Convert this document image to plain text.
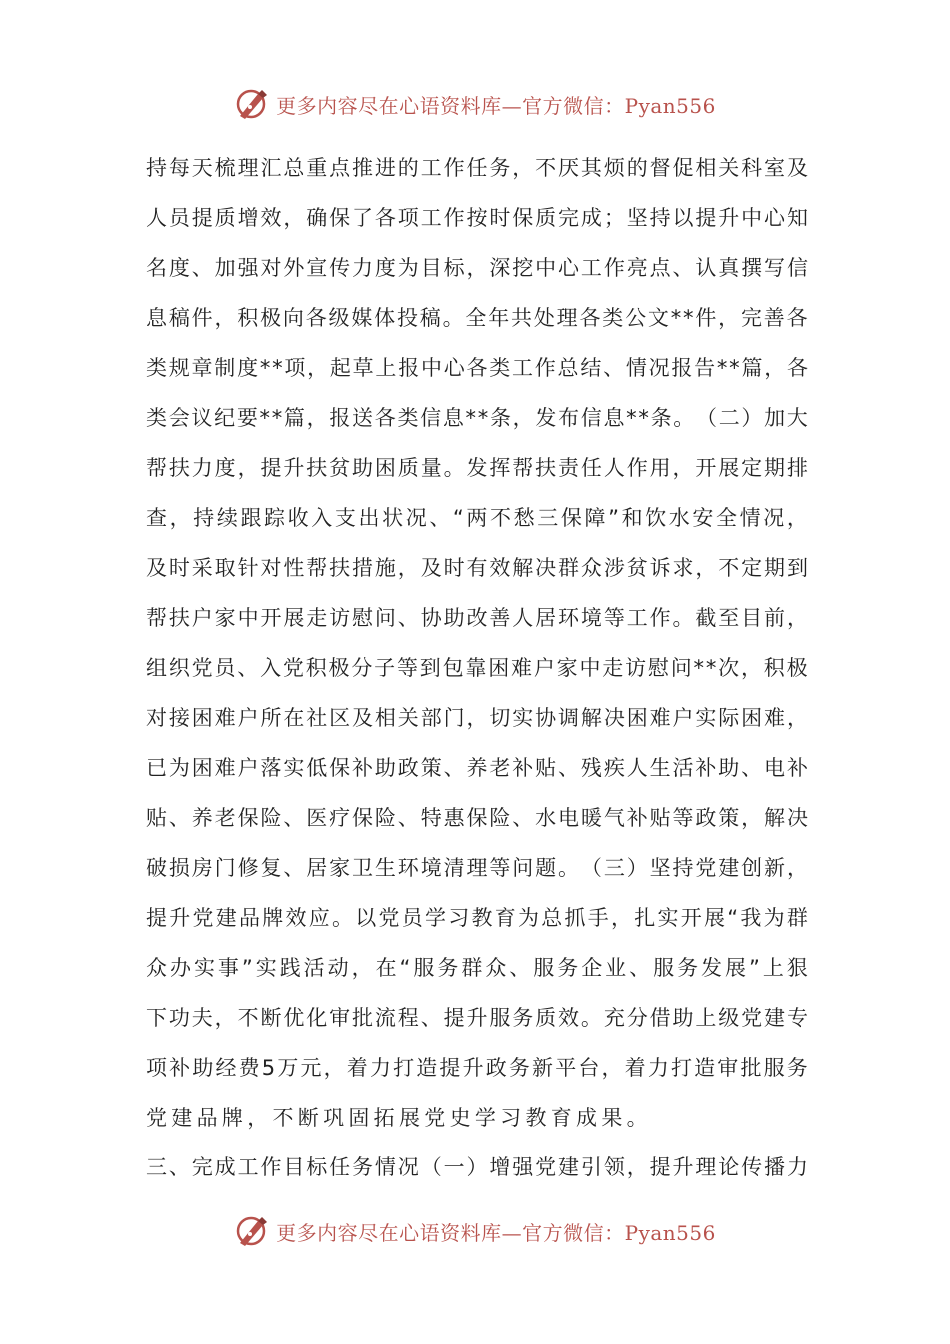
更多内容尽在心语资料库—官方微信：Pyan556
持 每 天 梳 理 汇 总 重 点 推 进 的 工 作 任 务 ， 不 厌 其 烦 的 督 促 相 关 科 室 及
人 员 提 质 增 效 ， 确 保 了 各 项 工 作 按 时 保 质 完 成 ； 坚 持 以 提 升 中 心 知
名 度 、 加 强 对 外 宣 传 力 度 为 目 标 ， 深 挖 中 心 工 作 亮 点 、 认 真 撰 写 信
息 稿 件 ， 积 极 向 各 级 媒 体 投 稿 。 全 年 共 处 理 各 类 公 文 * * 件 ， 完 善 各
类 规 章 制 度 * * 项 ， 起 草 上 报 中 心 各 类 工 作 总 结 、 情 况 报 告 * * 篇 ， 各
类 会 议 纪 要 * * 篇 ， 报 送 各 类 信 息 * * 条 ， 发 布 信 息 * * 条 。 （ 二 ） 加 大
帮 扶 力 度 ， 提 升 扶 贫 助 困 质 量 。 发 挥 帮 扶 责 任 人 作 用 ， 开 展 定 期 排
查 ， 持 续 跟 踪 收 入 支 出 状 况 、 “ 两 不 愁 三 保 障 ” 和 饮 水 安 全 情 况 ，
及 时 采 取 针 对 性 帮 扶 措 施 ， 及 时 有 效 解 决 群 众 涉 贫 诉 求 ， 不 定 期 到
帮 扶 户 家 中 开 展 走 访 慰 问 、 协 助 改 善 人 居 环 境 等 工 作 。 截 至 目 前 ，
组 织 党 员 、 入 党 积 极 分 子 等 到 包 靠 困 难 户 家 中 走 访 慰 问 * * 次 ， 积 极
对 接 困 难 户 所 在 社 区 及 相 关 部 门 ， 切 实 协 调 解 决 困 难 户 实 际 困 难 ，
已 为 困 难 户 落 实 低 保 补 助 政 策 、 养 老 补 贴 、 残 疾 人 生 活 补 助 、 电 补
贴 、 养 老 保 险 、 医 疗 保 险 、 特 惠 保 险 、 水 电 暖 气 补 贴 等 政 策 ， 解 决
破 损 房 门 修 复 、 居 家 卫 生 环 境 清 理 等 问 题 。 （ 三 ） 坚 持 党 建 创 新 ，
提 升 党 建 品 牌 效 应 。 以 党 员 学 习 教 育 为 总 抓 手 ， 扎 实 开 展 “ 我 为 群
众 办 实 事 ” 实 践 活 动 ， 在 “ 服 务 群 众 、 服 务 企 业 、 服 务 发 展 ” 上 狠
下 功 夫 ， 不 断 优 化 审 批 流 程 、 提 升 服 务 质 效 。 充 分 借 助 上 级 党 建 专
项 补 助 经 费 5 万 元 ， 着 力 打 造 提 升 政 务 新 平 台 ， 着 力 打 造 审 批 服 务
党 建 品 牌 ， 不 断 巩 固 拓 展 党 史 学 习 教 育 成 果 。
三 、 完 成 工 作 目 标 任 务 情 况 （ 一 ） 增 强 党 建 引 领 ， 提 升 理 论 传 播 力
更多内容尽在心语资料库—官方微信：Pyan556
